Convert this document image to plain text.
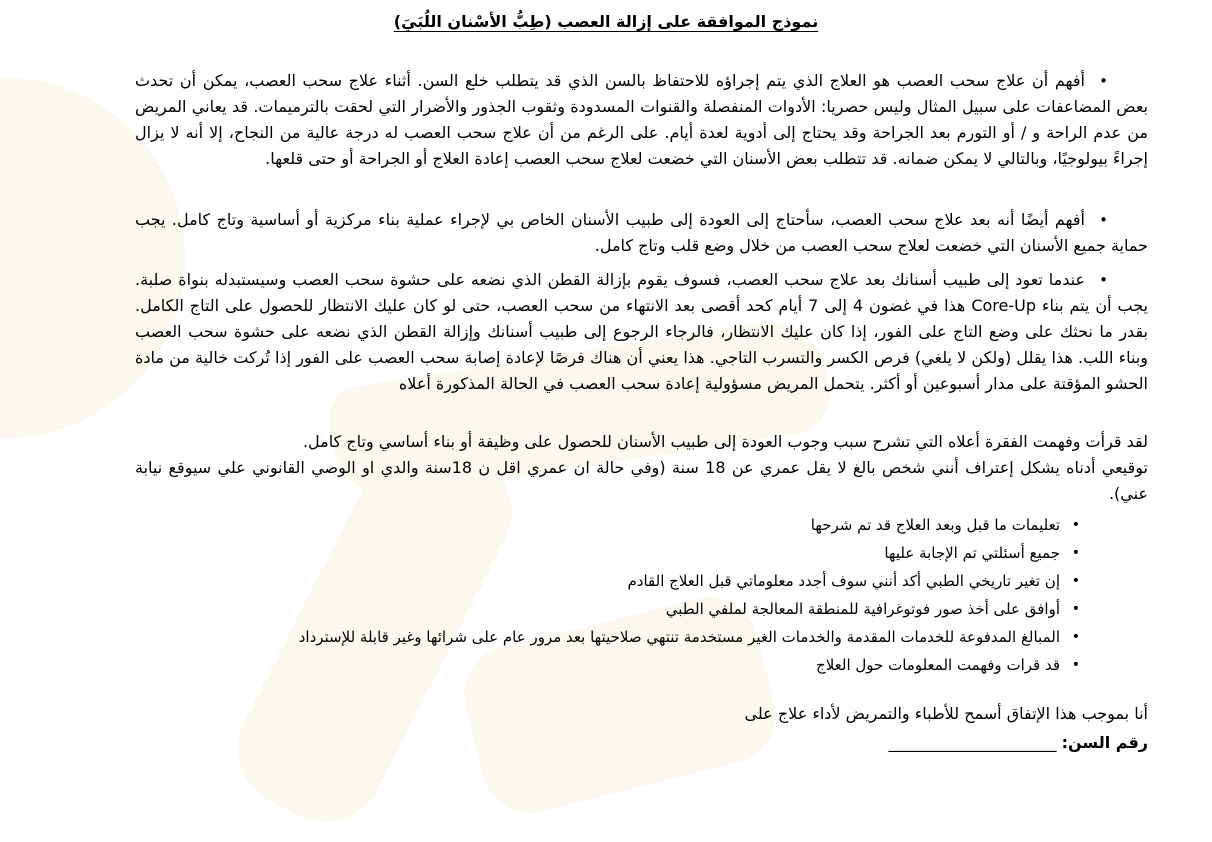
نموذج الموافقة على إزالة العصب (طِبُّ الأسْنان اللُبَيَ)

• أفهم أن علاج سحب العصب هو العلاج الذي يتم إجراؤه للاحتفاظ بالسن الذي قد يتطلب خلع السن. أثناء علاج سحب العصب، يمكن أن تحدث بعض المضاعفات على سبيل المثال وليس حصريا: الأدوات المنفصلة والقنوات المسدودة وثقوب الجذور والأضرار التي لحقت بالترميمات. قد يعاني المريض من عدم الراحة و / أو التورم بعد الجراحة وقد يحتاج إلى أدوية لعدة أيام. على الرغم من أن علاج سحب العصب له درجة عالية من النجاح، إلا أنه لا يزال إجراءً بيولوجيًا، وبالتالي لا يمكن ضمانه. قد تتطلب بعض الأسنان التي خضعت لعلاج سحب العصب إعادة العلاج أو الجراحة أو حتى قلعها.

• أفهم أيضًا أنه بعد علاج سحب العصب، سأحتاج إلى العودة إلى طبيب الأسنان الخاص بي لإجراء عملية بناء مركزية أو أساسية وتاج كامل. يجب حماية جميع الأسنان التي خضعت لعلاج سحب العصب من خلال وضع قلب وتاج كامل.

• عندما تعود إلى طبيب أسنانك بعد علاج سحب العصب، فسوف يقوم بإزالة القطن الذي نضعه على حشوة سحب العصب وسيستبدله بنواة صلبة. يجب أن يتم بناء Core-Up هذا في غضون 4 إلى 7 أيام كحد أقصى بعد الانتهاء من سحب العصب، حتى لو كان عليك الانتظار للحصول على التاج الكامل. بقدر ما نحثك على وضع التاج على الفور، إذا كان عليك الانتظار، فالرجاء الرجوع إلى طبيب أسنانك وإزالة القطن الذي نضعه على حشوة سحب العصب وبناء اللب. هذا يقلل (ولكن لا يلغي) فرص الكسر والتسرب التاجي. هذا يعني أن هناك فرصًا لإعادة إصابة سحب العصب على الفور إذا تُركت خالية من مادة الحشو المؤقتة على مدار أسبوعين أو أكثر. يتحمل المريض مسؤولية إعادة سحب العصب في الحالة المذكورة أعلاه

لقد قرأت وفهمت الفقرة أعلاه التي تشرح سبب وجوب العودة إلى طبيب الأسنان للحصول على وظيفة أو بناء أساسي وتاج كامل.

توقيعي أدناه يشكل إعتراف أنني شخص بالغ لا يقل عمري عن 18 سنة (وفي حالة ان عمري اقل ن 18سنة والدي او الوصي القانوني علي سيوقع نيابة عني).

• تعليمات ما قبل وبعد العلاج قد تم شرحها

• جميع أسئلتي تم الإجابة عليها

• إن تغير تاريخي الطبي أكد أنني سوف أجدد معلوماتي قبل العلاج القادم

• أوافق على أخذ صور فوتوغرافية للمنطقة المعالجة لملفي الطبي

• المبالغ المدفوعة للخدمات المقدمة والخدمات الغير مستخدمة تنتهي صلاحيتها بعد مرور عام على شرائها وغير قابلة للإسترداد

• قد قرات وفهمت المعلومات حول العلاج

أنا بموجب هذا الإتفاق أسمح للأطباء والتمريض لأداء علاج على
رقم السن: _____________________
